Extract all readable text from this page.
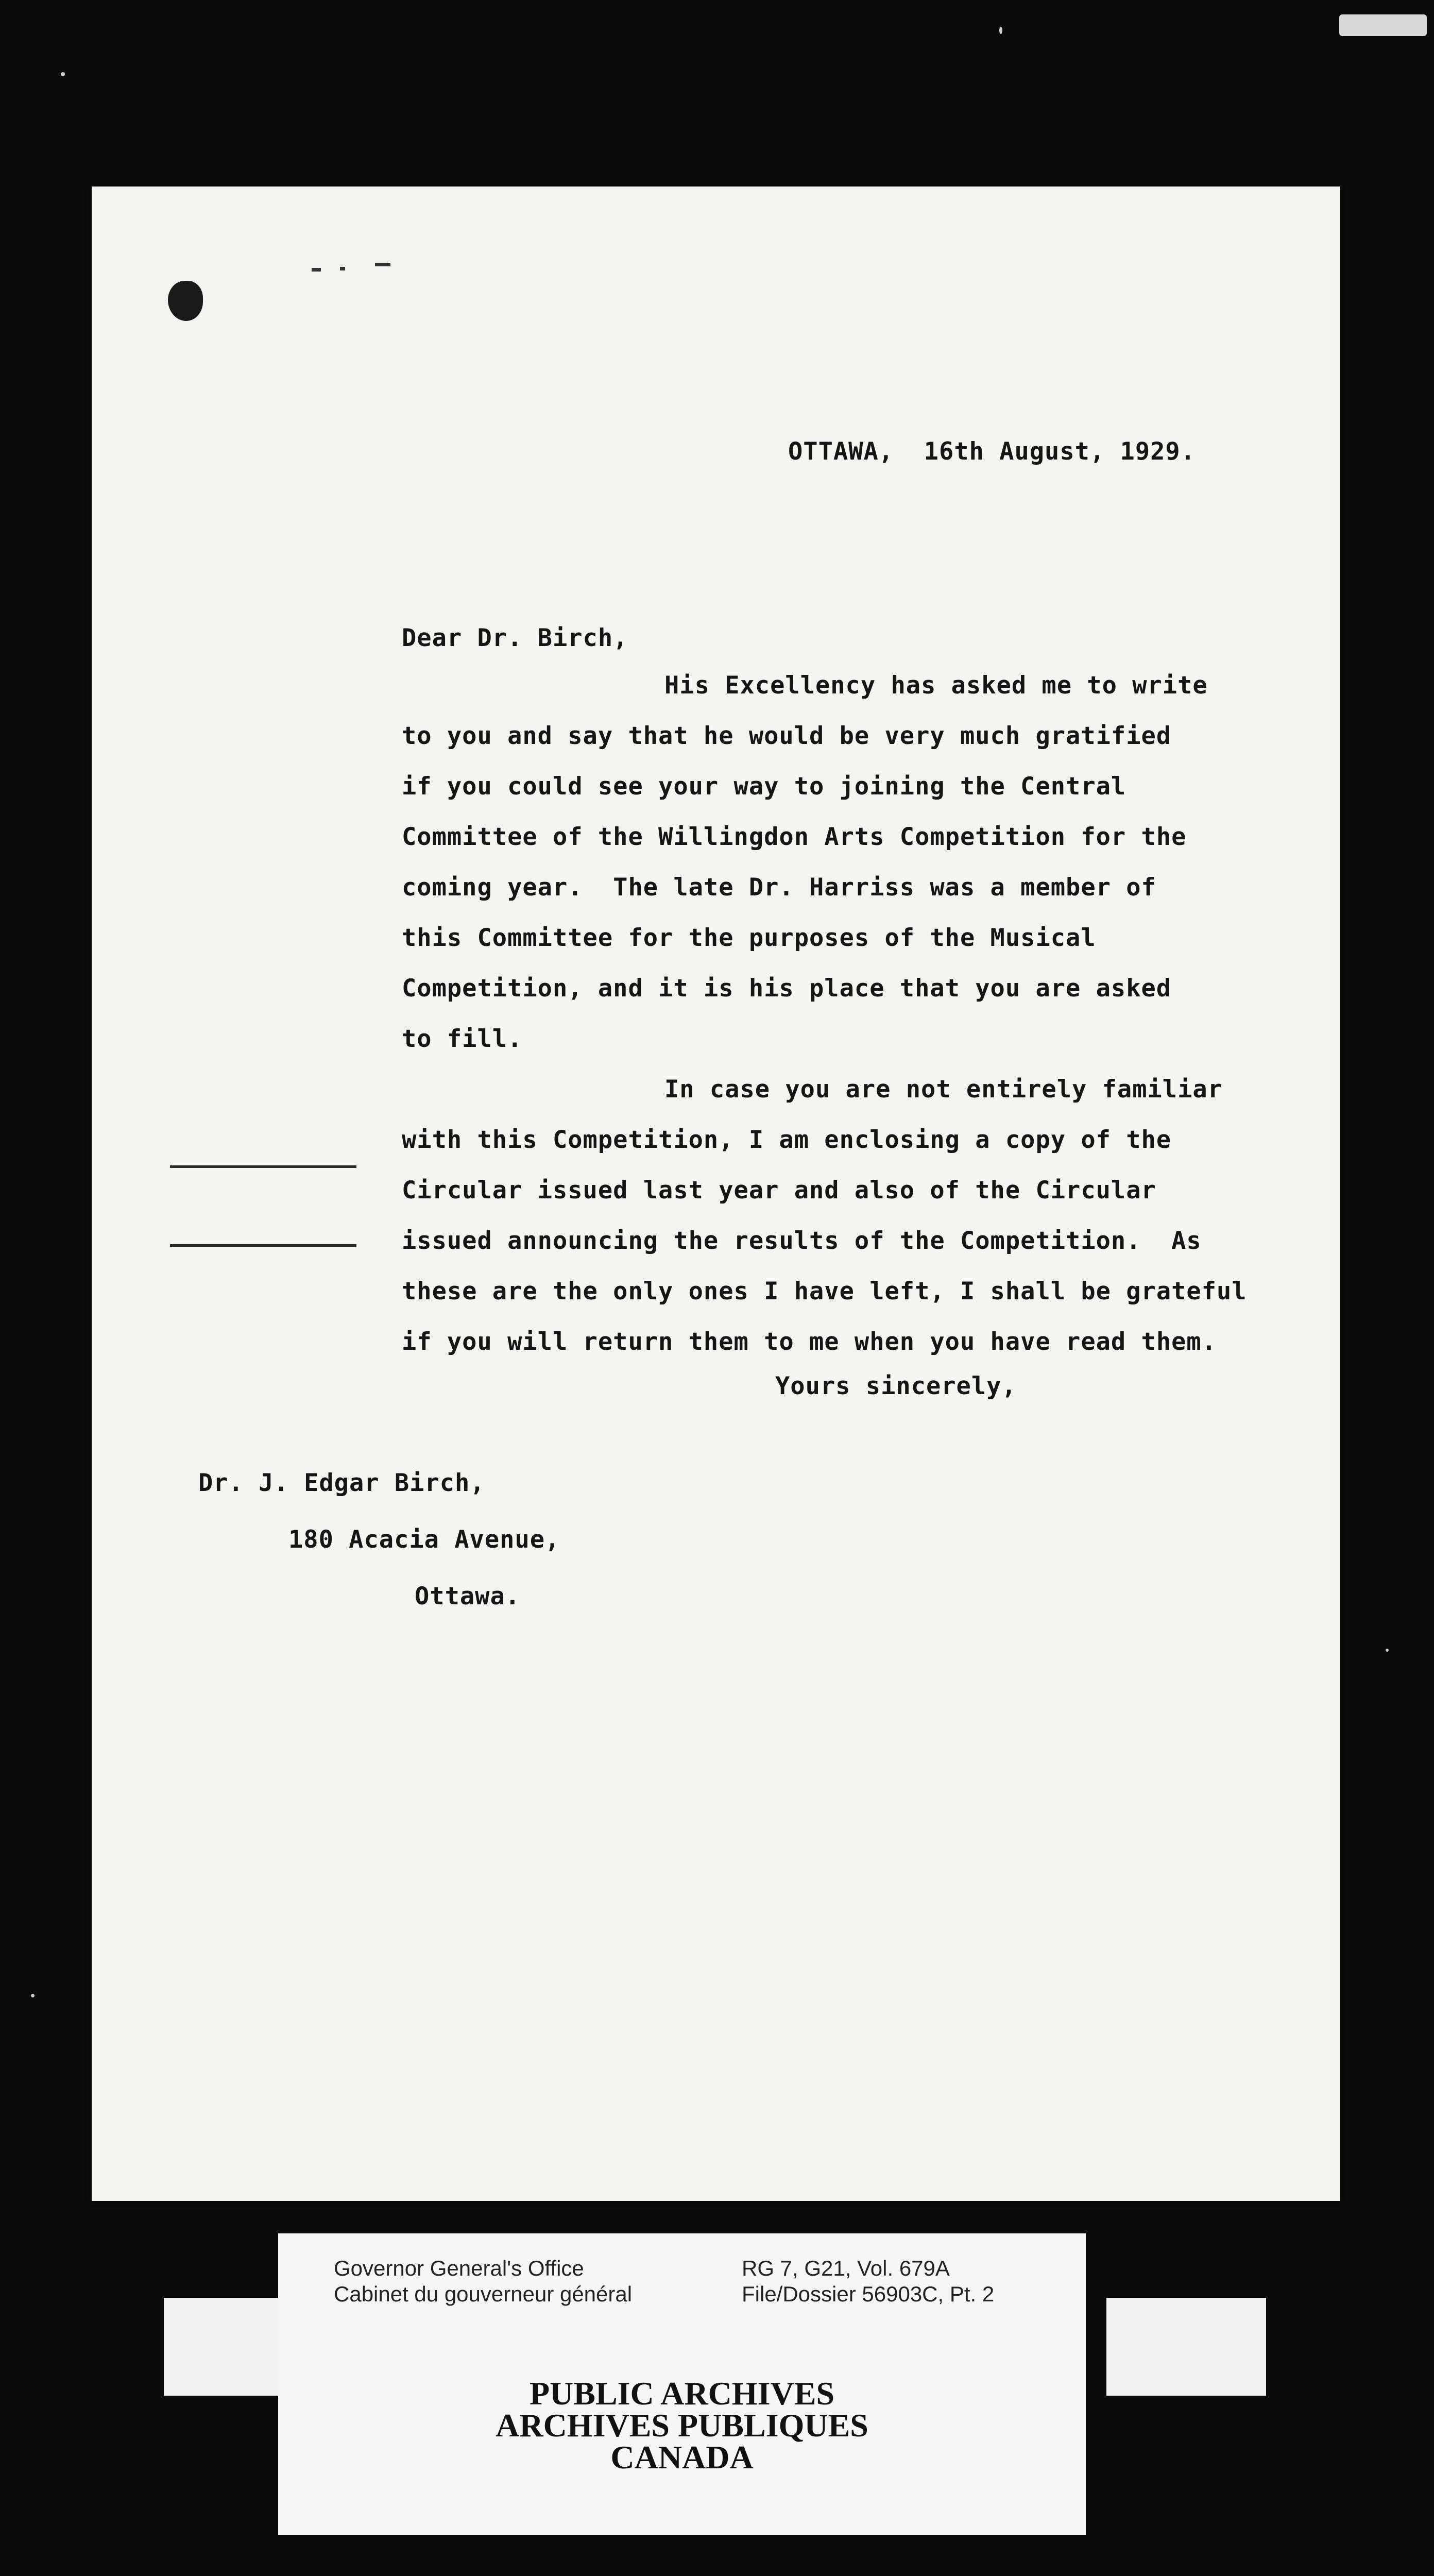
OTTAWA,  16th August, 1929.
Dear Dr. Birch,
His Excellency has asked me to write
to you and say that he would be very much gratified
if you could see your way to joining the Central
Committee of the Willingdon Arts Competition for the
coming year.  The late Dr. Harriss was a member of
this Committee for the purposes of the Musical
Competition, and it is his place that you are asked
to fill.
In case you are not entirely familiar
with this Competition, I am enclosing a copy of the
Circular issued last year and also of the Circular
issued announcing the results of the Competition.  As
these are the only ones I have left, I shall be grateful
if you will return them to me when you have read them.
Yours sincerely,
Dr. J. Edgar Birch,
180 Acacia Avenue,
Ottawa.
Governor General's Office
Cabinet du gouverneur général
RG 7, G21, Vol. 679A
File/Dossier 56903C, Pt. 2
PUBLIC ARCHIVES
ARCHIVES PUBLIQUES
CANADA
